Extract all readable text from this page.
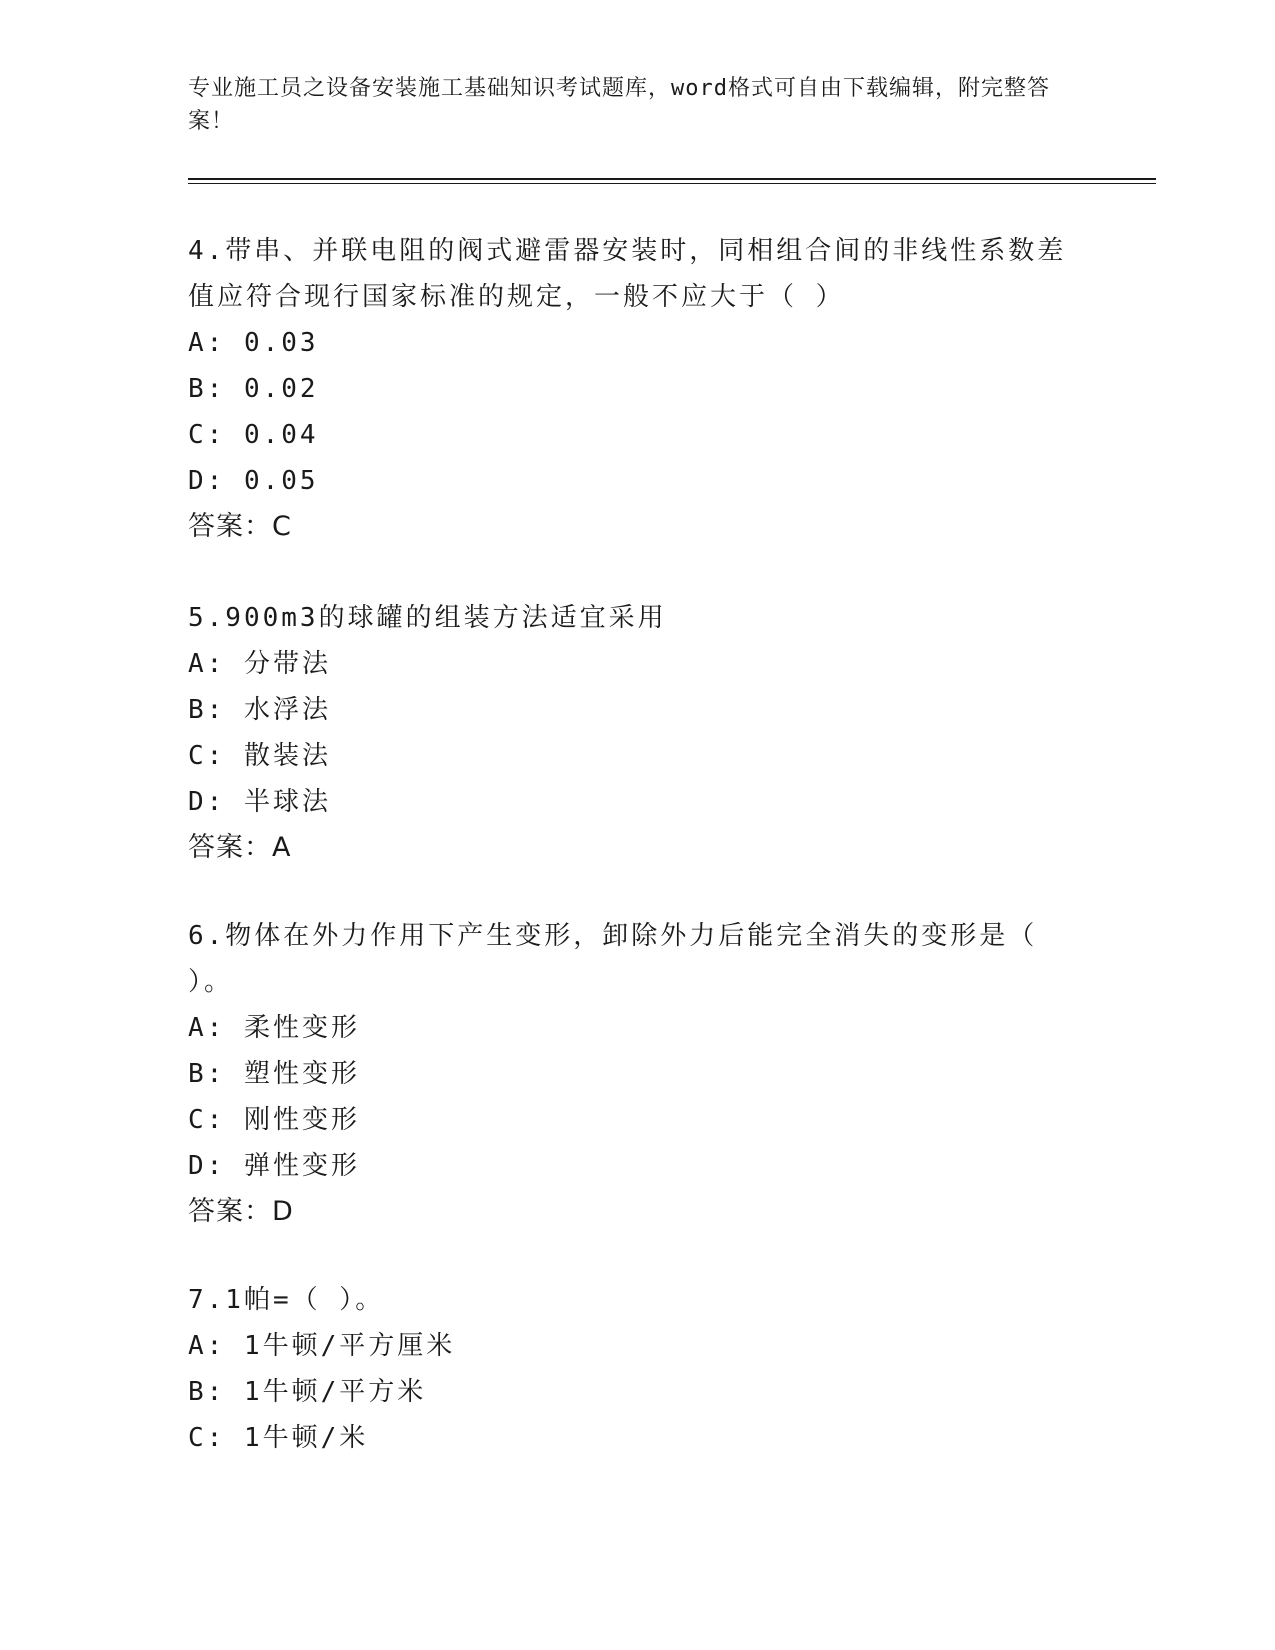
专业施工员之设备安装施工基础知识考试题库，word格式可自由下载编辑，附完整答案！

4.带串、并联电阻的阀式避雷器安装时，同相组合间的非线性系数差值应符合现行国家标准的规定，一般不应大于（ ）

A: 0.03

B: 0.02

C: 0.04

D: 0.05

答案：C

5.900m3的球罐的组装方法适宜采用

A: 分带法

B: 水浮法

C: 散装法

D: 半球法

答案：A

6.物体在外力作用下产生变形，卸除外力后能完全消失的变形是（ ）。

A: 柔性变形

B: 塑性变形

C: 刚性变形

D: 弹性变形

答案：D

7.1帕=（ ）。

A: 1牛顿/平方厘米

B: 1牛顿/平方米

C: 1牛顿/米
